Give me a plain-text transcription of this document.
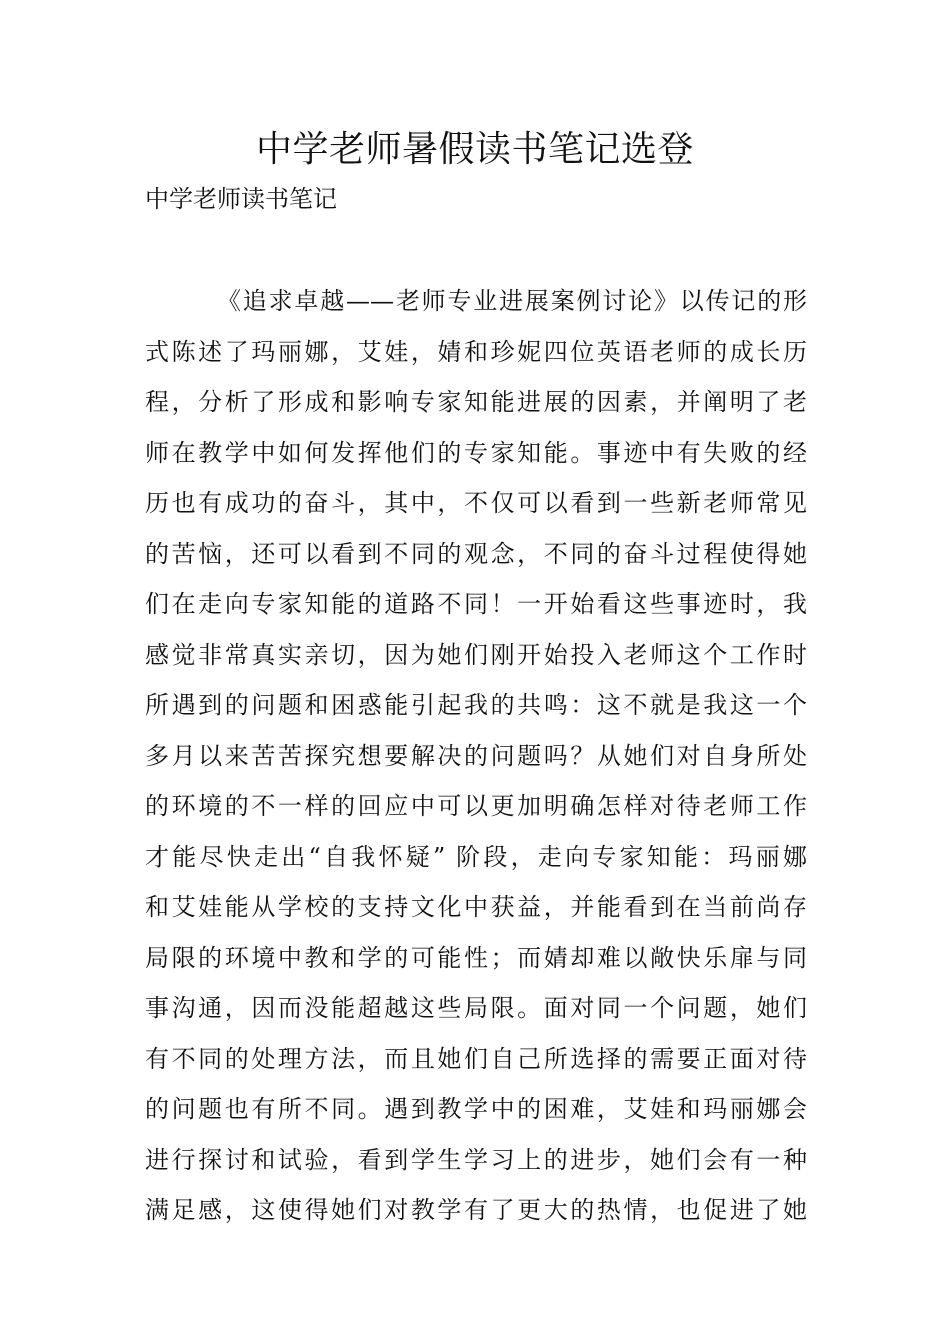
中学老师暑假读书笔记选登
中学老师读书笔记
《追求卓越——老师专业进展案例讨论》以传记的形
式陈述了玛丽娜，艾娃，婧和珍妮四位英语老师的成长历
程，分析了形成和影响专家知能进展的因素，并阐明了老
师在教学中如何发挥他们的专家知能。事迹中有失败的经
历也有成功的奋斗，其中，不仅可以看到一些新老师常见
的苦恼，还可以看到不同的观念，不同的奋斗过程使得她
们在走向专家知能的道路不同！一开始看这些事迹时，我
感觉非常真实亲切，因为她们刚开始投入老师这个工作时
所遇到的问题和困惑能引起我的共鸣：这不就是我这一个
多月以来苦苦探究想要解决的问题吗？从她们对自身所处
的环境的不一样的回应中可以更加明确怎样对待老师工作
才能尽快走出“自我怀疑” 阶段，走向专家知能：玛丽娜
和艾娃能从学校的支持文化中获益，并能看到在当前尚存
局限的环境中教和学的可能性；而婧却难以敞快乐扉与同
事沟通，因而没能超越这些局限。面对同一个问题，她们
有不同的处理方法，而且她们自己所选择的需要正面对待
的问题也有所不同。遇到教学中的困难，艾娃和玛丽娜会
进行探讨和试验，看到学生学习上的进步，她们会有一种
满足感，这使得她们对教学有了更大的热情，也促进了她
